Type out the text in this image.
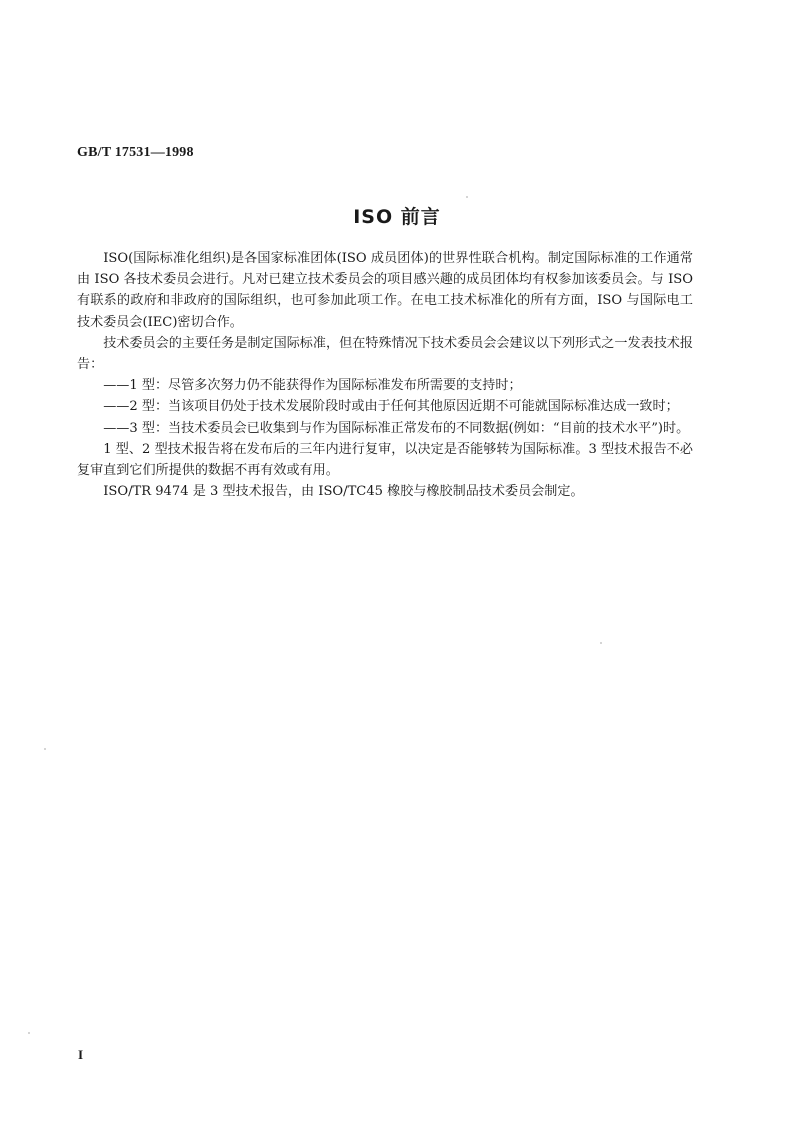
GB/T 17531—1998
ISO 前言

ISO(国际标准化组织)是各国家标准团体(ISO 成员团体)的世界性联合机构。制定国际标准的工作通常由 ISO 各技术委员会进行。凡对已建立技术委员会的项目感兴趣的成员团体均有权参加该委员会。与 ISO 有联系的政府和非政府的国际组织，也可参加此项工作。在电工技术标准化的所有方面，ISO 与国际电工技术委员会(IEC)密切合作。

技术委员会的主要任务是制定国际标准，但在特殊情况下技术委员会会建议以下列形式之一发表技术报告：

——1 型：尽管多次努力仍不能获得作为国际标准发布所需要的支持时；

——2 型：当该项目仍处于技术发展阶段时或由于任何其他原因近期不可能就国际标准达成一致时；

——3 型：当技术委员会已收集到与作为国际标准正常发布的不同数据(例如：“目前的技术水平”)时。

1 型、2 型技术报告将在发布后的三年内进行复审，以决定是否能够转为国际标准。3 型技术报告不必复审直到它们所提供的数据不再有效或有用。

ISO/TR 9474 是 3 型技术报告，由 ISO/TC45 橡胶与橡胶制品技术委员会制定。

I
